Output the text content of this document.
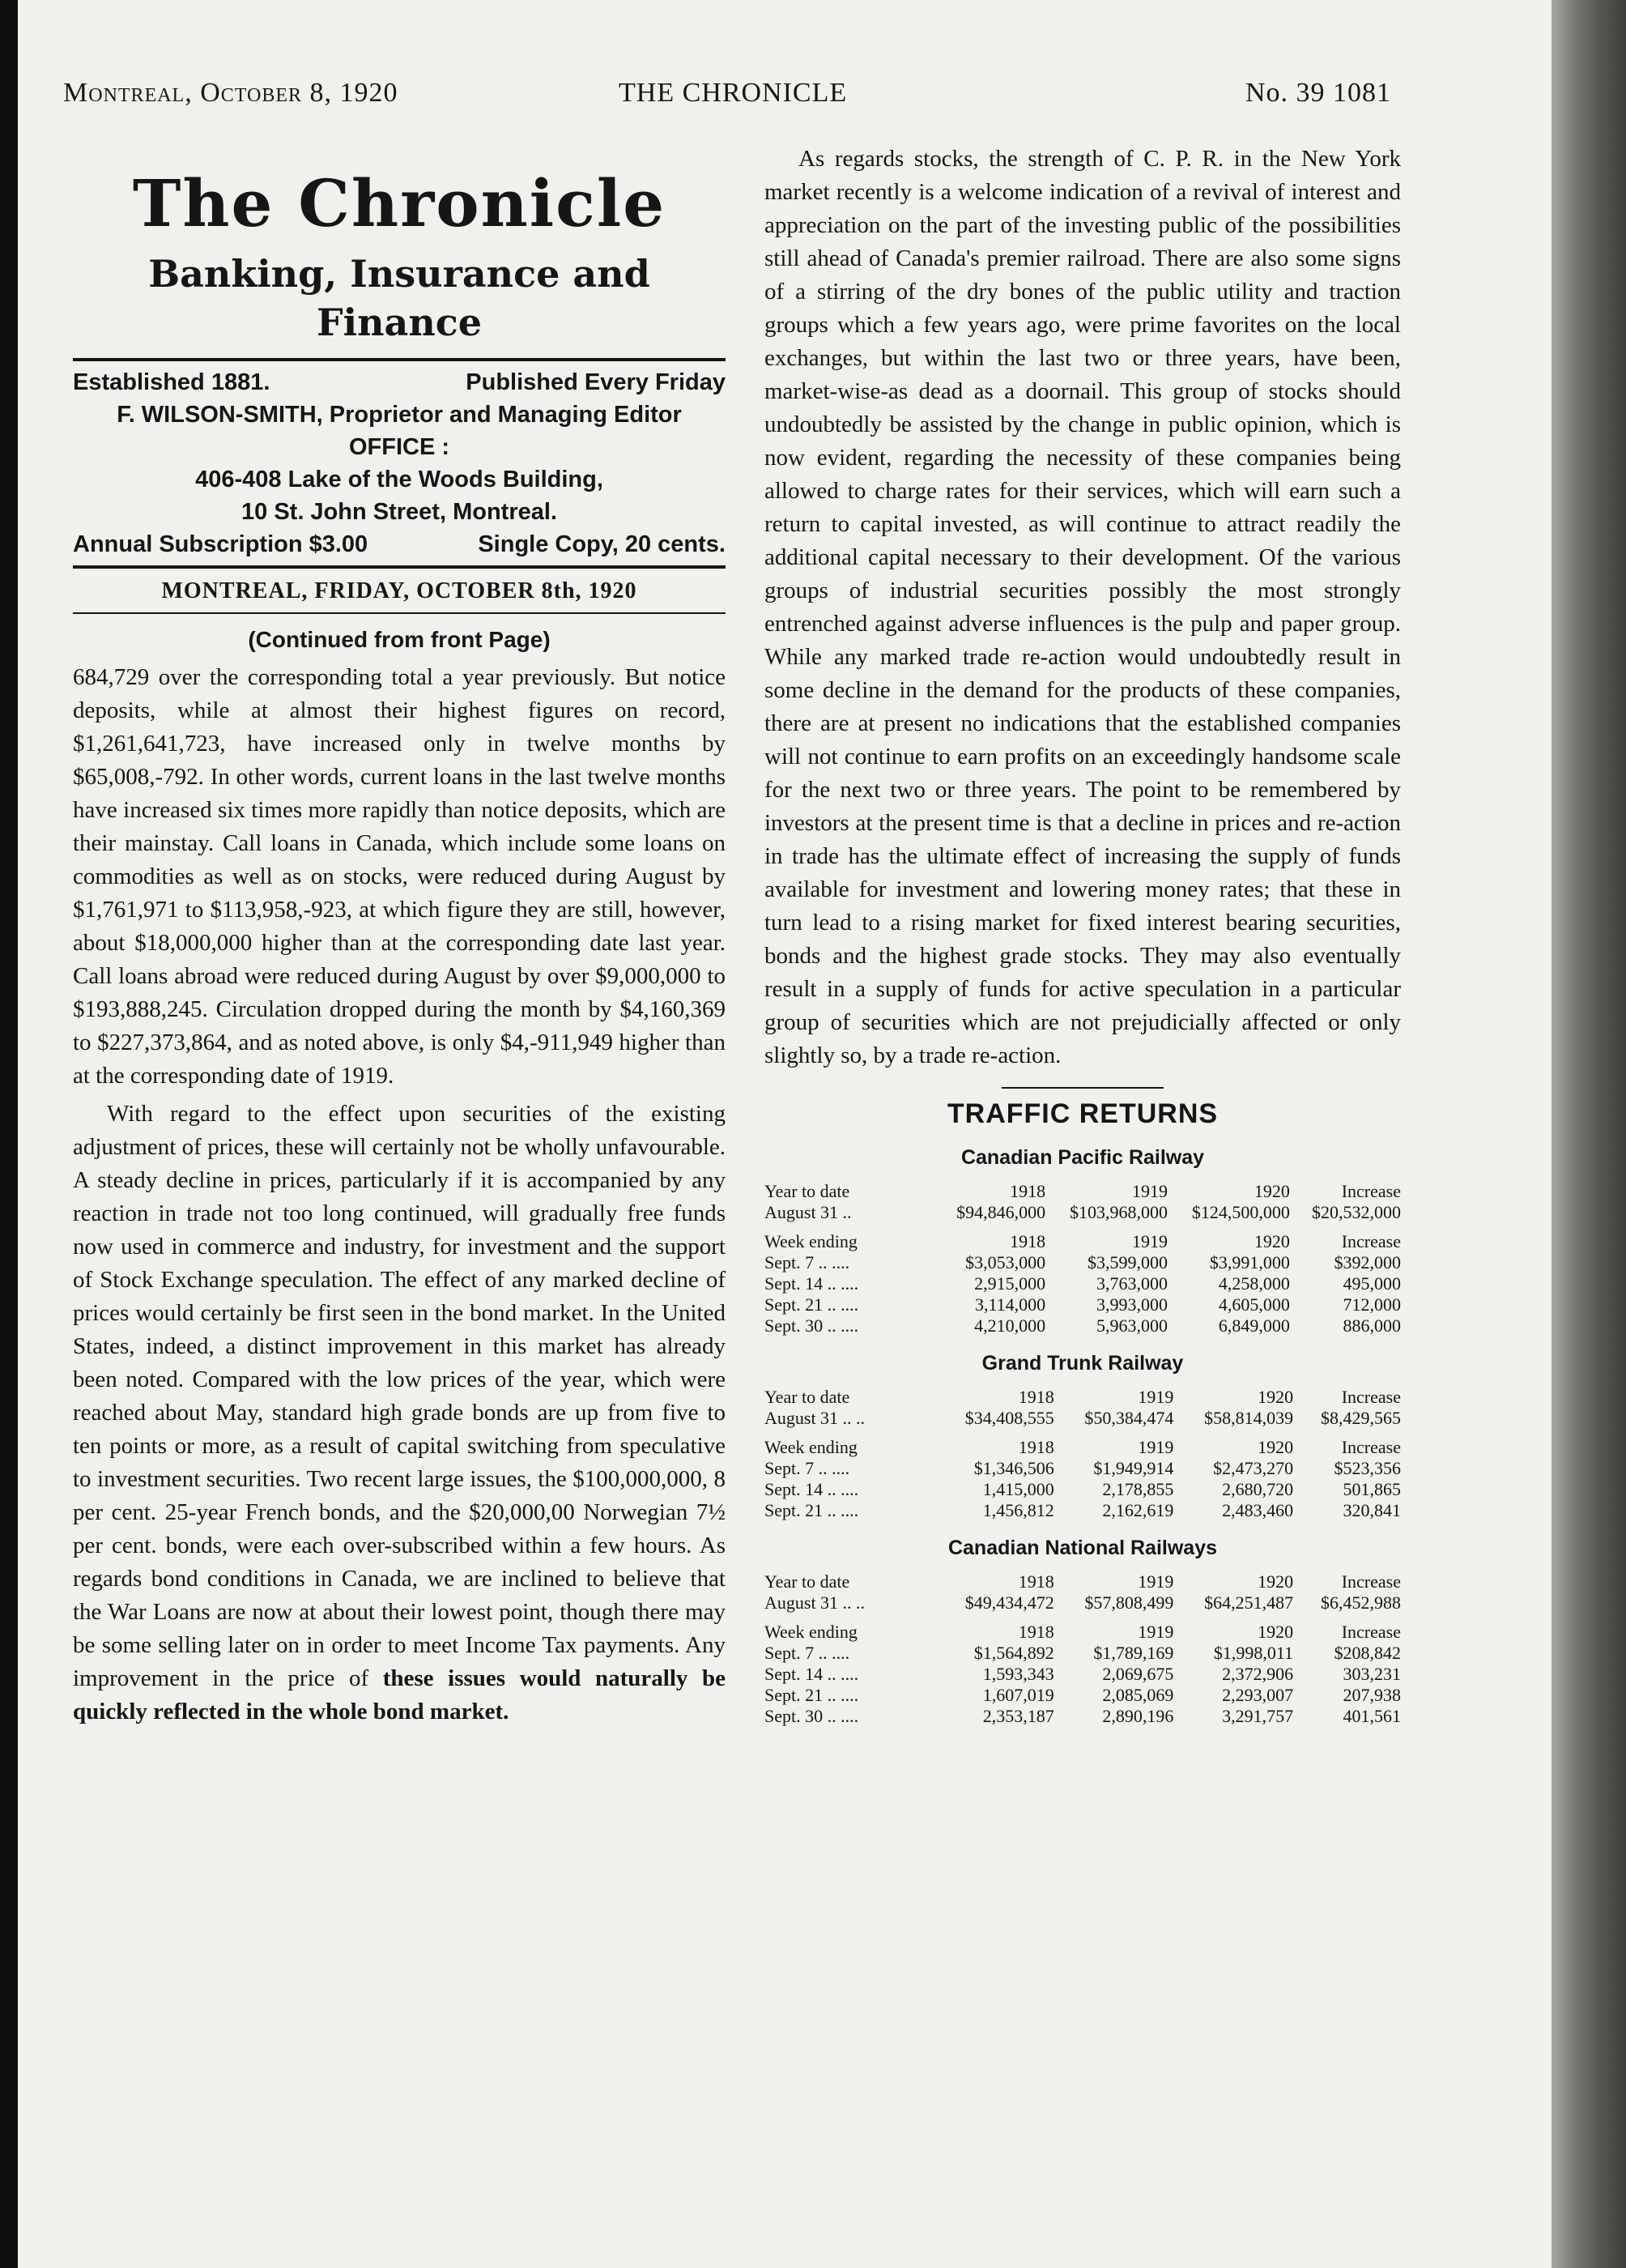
Montreal, October 8, 1920	THE CHRONICLE	No. 39 1081
The Chronicle
Banking, Insurance and Finance
Established 1881.	Published Every Friday
F. WILSON-SMITH, Proprietor and Managing Editor
OFFICE :
406-408 Lake of the Woods Building,
10 St. John Street, Montreal.
Annual Subscription $3.00	Single Copy, 20 cents.
MONTREAL, FRIDAY, OCTOBER 8th, 1920
(Continued from front Page)

684,729 over the corresponding total a year previously. But notice deposits, while at almost their highest figures on record, $1,261,641,723, have increased only in twelve months by $65,008,-792. In other words, current loans in the last twelve months have increased six times more rapidly than notice deposits, which are their mainstay. Call loans in Canada, which include some loans on commodities as well as on stocks, were reduced during August by $1,761,971 to $113,958,-923, at which figure they are still, however, about $18,000,000 higher than at the corresponding date last year. Call loans abroad were reduced during August by over $9,000,000 to $193,888,245. Circulation dropped during the month by $4,160,369 to $227,373,864, and as noted above, is only $4,-911,949 higher than at the corresponding date of 1919.

With regard to the effect upon securities of the existing adjustment of prices, these will certainly not be wholly unfavourable. A steady decline in prices, particularly if it is accompanied by any reaction in trade not too long continued, will gradually free funds now used in commerce and industry, for investment and the support of Stock Exchange speculation. The effect of any marked decline of prices would certainly be first seen in the bond market. In the United States, indeed, a distinct improvement in this market has already been noted. Compared with the low prices of the year, which were reached about May, standard high grade bonds are up from five to ten points or more, as a result of capital switching from speculative to investment securities. Two recent large issues, the $100,000,000, 8 per cent. 25-year French bonds, and the $20,000,00 Norwegian 7½ per cent. bonds, were each over-subscribed within a few hours. As regards bond conditions in Canada, we are inclined to believe that the War Loans are now at about their lowest point, though there may be some selling later on in order to meet Income Tax payments. Any improvement in the price of these issues would naturally be quickly reflected in the whole bond market.

As regards stocks, the strength of C. P. R. in the New York market recently is a welcome indication of a revival of interest and appreciation on the part of the investing public of the possibilities still ahead of Canada's premier railroad. There are also some signs of a stirring of the dry bones of the public utility and traction groups which a few years ago, were prime favorites on the local exchanges, but within the last two or three years, have been, market-wise-as dead as a doornail. This group of stocks should undoubtedly be assisted by the change in public opinion, which is now evident, regarding the necessity of these companies being allowed to charge rates for their services, which will earn such a return to capital invested, as will continue to attract readily the additional capital necessary to their development. Of the various groups of industrial securities possibly the most strongly entrenched against adverse influences is the pulp and paper group. While any marked trade re-action would undoubtedly result in some decline in the demand for the products of these companies, there are at present no indications that the established companies will not continue to earn profits on an exceedingly handsome scale for the next two or three years. The point to be remembered by investors at the present time is that a decline in prices and re-action in trade has the ultimate effect of increasing the supply of funds available for investment and lowering money rates; that these in turn lead to a rising market for fixed interest bearing securities, bonds and the highest grade stocks. They may also eventually result in a supply of funds for active speculation in a particular group of securities which are not prejudicially affected or only slightly so, by a trade re-action.

TRAFFIC RETURNS
Canadian Pacific Railway
Year to date	1918	1919	1920	Increase
August 31 ..	$94,846,000	$103,968,000	$124,500,000	$20,532,000
Week ending	1918	1919	1920	Increase
Sept. 7 .. ....	$3,053,000	$3,599,000	$3,991,000	$392,000
Sept. 14 .. ....	2,915,000	3,763,000	4,258,000	495,000
Sept. 21 .. ....	3,114,000	3,993,000	4,605,000	712,000
Sept. 30 .. ....	4,210,000	5,963,000	6,849,000	886,000
Grand Trunk Railway
Year to date	1918	1919	1920	Increase
August 31 .. ..	$34,408,555	$50,384,474	$58,814,039	$8,429,565
Week ending	1918	1919	1920	Increase
Sept. 7 .. ....	$1,346,506	$1,949,914	$2,473,270	$523,356
Sept. 14 .. ....	1,415,000	2,178,855	2,680,720	501,865
Sept. 21 .. ....	1,456,812	2,162,619	2,483,460	320,841
Canadian National Railways
Year to date	1918	1919	1920	Increase
August 31 .. ..	$49,434,472	$57,808,499	$64,251,487	$6,452,988
Week ending	1918	1919	1920	Increase
Sept. 7 .. ....	$1,564,892	$1,789,169	$1,998,011	$208,842
Sept. 14 .. ....	1,593,343	2,069,675	2,372,906	303,231
Sept. 21 .. ....	1,607,019	2,085,069	2,293,007	207,938
Sept. 30 .. ....	2,353,187	2,890,196	3,291,757	401,561
